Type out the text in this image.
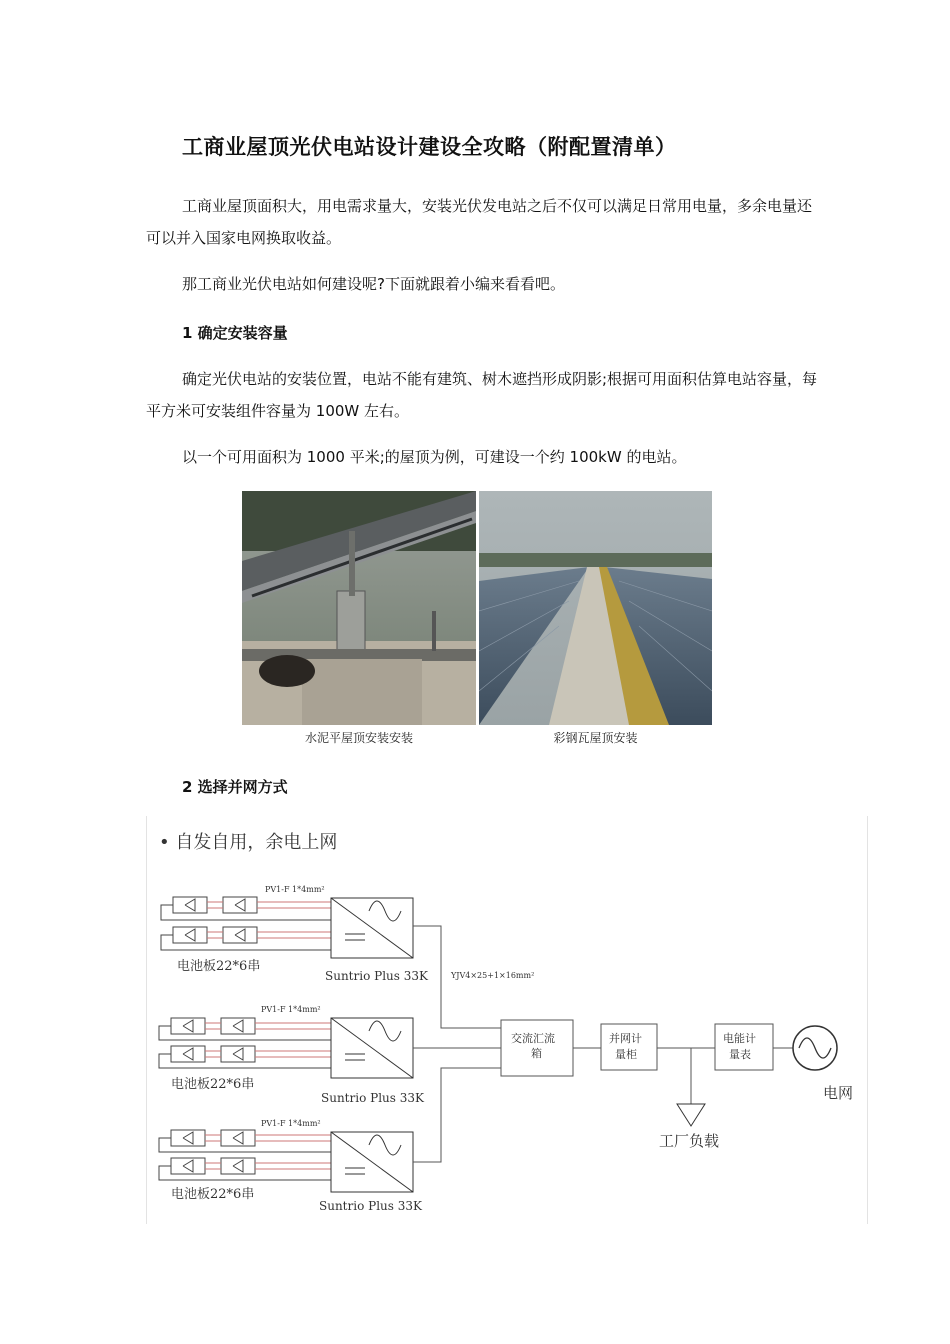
工商业屋顶光伏电站设计建设全攻略（附配置清单）
工商业屋顶面积大，用电需求量大，安装光伏发电站之后不仅可以满足日常用电量，多余电量还可以并入国家电网换取收益。
那工商业光伏电站如何建设呢?下面就跟着小编来看看吧。
1 确定安装容量
确定光伏电站的安装位置，电站不能有建筑、树木遮挡形成阴影;根据可用面积估算电站容量，每平方米可安装组件容量为 100W 左右。
以一个可用面积为 1000 平米;的屋顶为例，可建设一个约 100kW 的电站。
水泥平屋顶安装安装	彩钢瓦屋顶安装
2 选择并网方式
• 自发自用，余电上网
PV1-F 1*4mm²
电池板22*6串
Suntrio Plus 33K
PV1-F 1*4mm²
电池板22*6串
Suntrio Plus 33K
PV1-F 1*4mm²
电池板22*6串
Suntrio Plus 33K
YJV4×25+1×16mm²
交流汇流
箱
并网计
量柜
电能计
量表
电网
工厂负载
